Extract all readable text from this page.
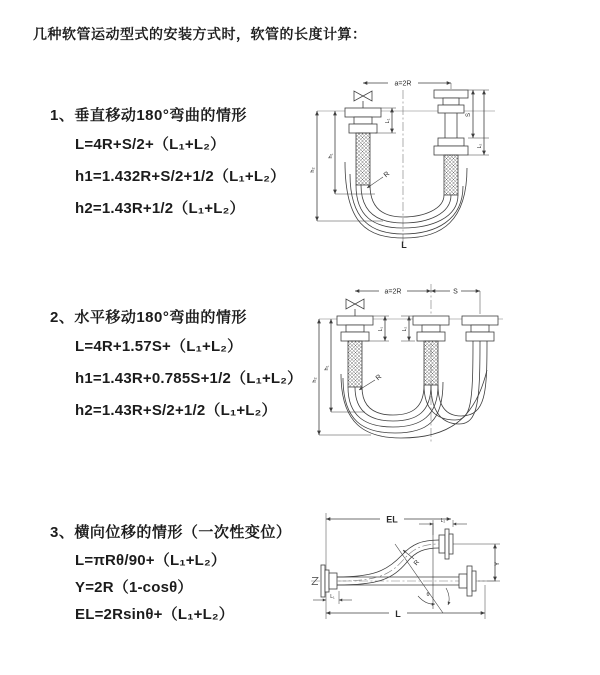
几种软管运动型式的安装方式时，软管的长度计算：
1、垂直移动180°弯曲的情形
L=4R+S/2+（L₁+L₂）
h1=1.432R+S/2+1/2（L₁+L₂）
h2=1.43R+1/2（L₁+L₂）
2、水平移动180°弯曲的情形
L=4R+1.57S+（L₁+L₂）
h1=1.43R+0.785S+1/2（L₁+L₂）
h2=1.43R+S/2+1/2（L₁+L₂）
3、横向位移的情形（一次性变位）
L=πRθ/90+（L₁+L₂）
Y=2R（1-cosθ）
EL=2Rsinθ+（L₁+L₂）
a=2R
L₁
S
L₂
h₁
h₂
R
L
a=2R	S
L₁	L₂
h₁
h₂	R
EL	L₂
Y
R
θ
L
L₁
